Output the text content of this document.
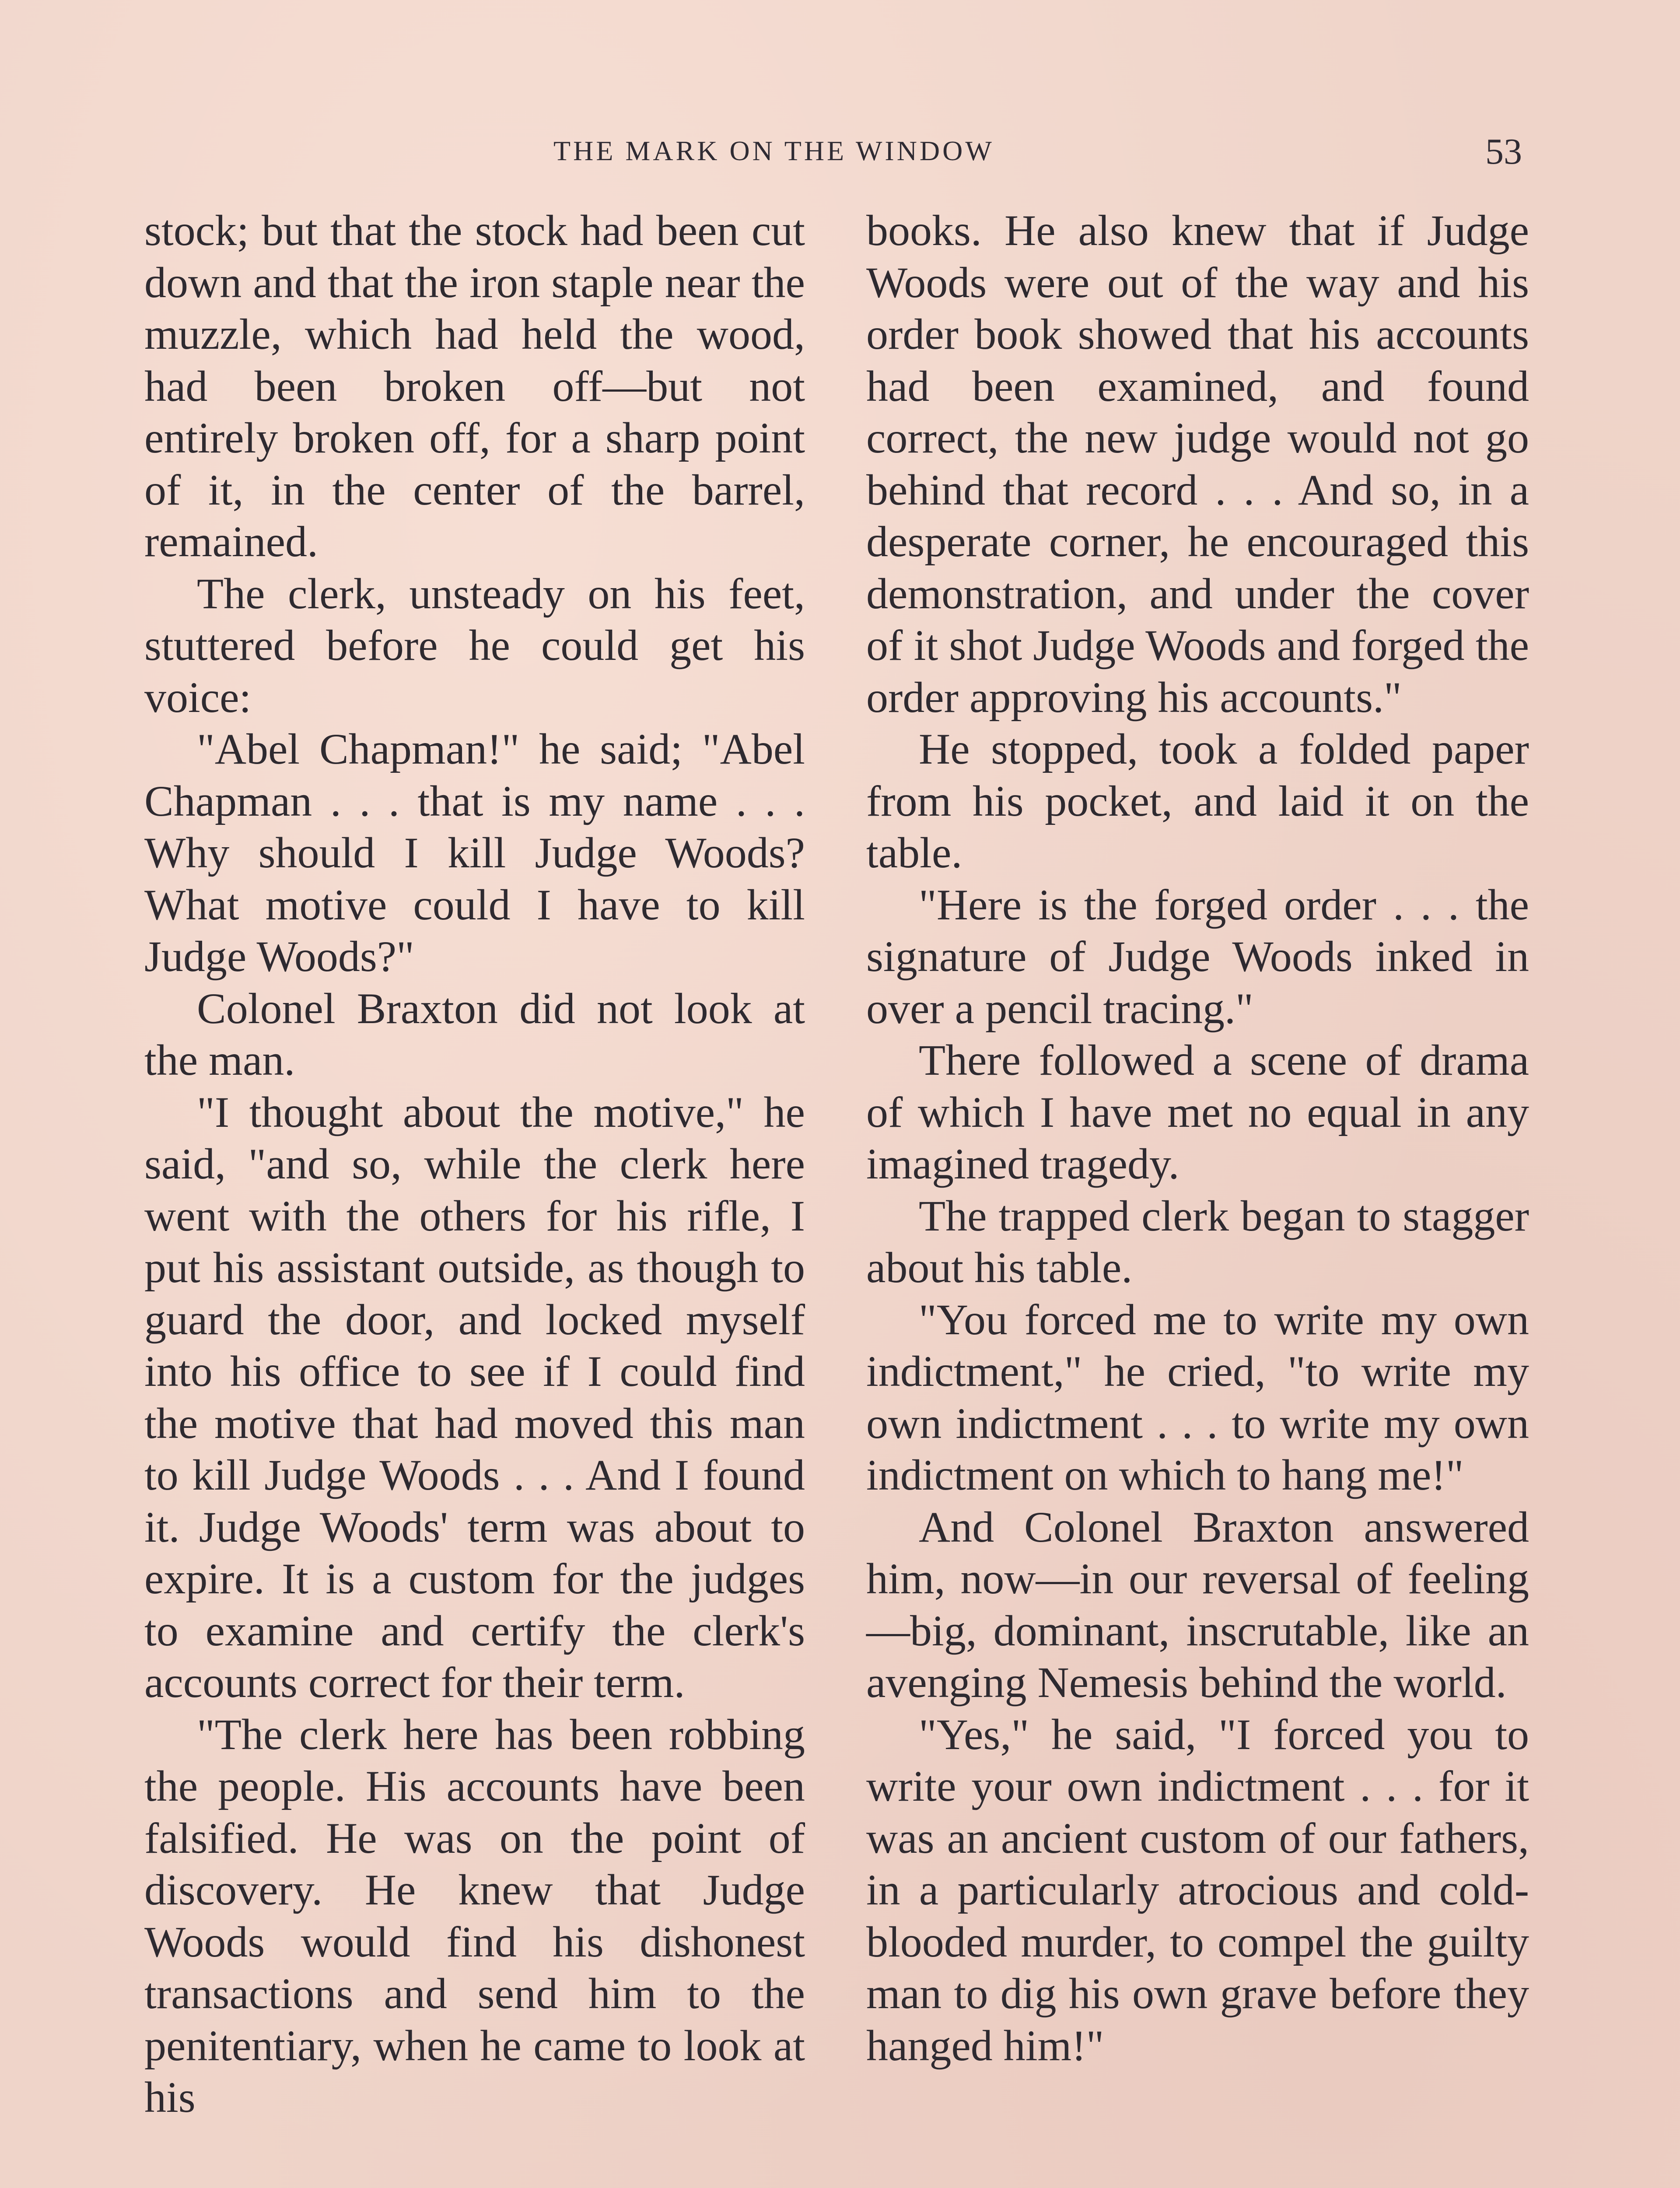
THE MARK ON THE WINDOW	53

stock; but that the stock had been cut down and that the iron staple near the muzzle, which had held the wood, had been broken off—but not entirely broken off, for a sharp point of it, in the center of the barrel, remained.

The clerk, unsteady on his feet, stuttered before he could get his voice:

"Abel Chapman!" he said; "Abel Chapman . . . that is my name . . . Why should I kill Judge Woods? What motive could I have to kill Judge Woods?"

Colonel Braxton did not look at the man.

"I thought about the motive," he said, "and so, while the clerk here went with the others for his rifle, I put his assistant outside, as though to guard the door, and locked myself into his office to see if I could find the motive that had moved this man to kill Judge Woods . . . And I found it. Judge Woods' term was about to expire. It is a custom for the judges to examine and certify the clerk's accounts correct for their term.

"The clerk here has been robbing the people. His accounts have been falsified. He was on the point of discovery. He knew that Judge Woods would find his dishonest transactions and send him to the penitentiary, when he came to look at his

books. He also knew that if Judge Woods were out of the way and his order book showed that his accounts had been examined, and found correct, the new judge would not go behind that record . . . And so, in a desperate corner, he encouraged this demonstration, and under the cover of it shot Judge Woods and forged the order approving his accounts."

He stopped, took a folded paper from his pocket, and laid it on the table.

"Here is the forged order . . . the signature of Judge Woods inked in over a pencil tracing."

There followed a scene of drama of which I have met no equal in any imagined tragedy.

The trapped clerk began to stagger about his table.

"You forced me to write my own indictment," he cried, "to write my own indictment . . . to write my own indictment on which to hang me!"

And Colonel Braxton answered him, now—in our reversal of feeling—big, dominant, inscrutable, like an avenging Nemesis behind the world.

"Yes," he said, "I forced you to write your own indictment . . . for it was an ancient custom of our fathers, in a particularly atrocious and cold-blooded murder, to compel the guilty man to dig his own grave before they hanged him!"
